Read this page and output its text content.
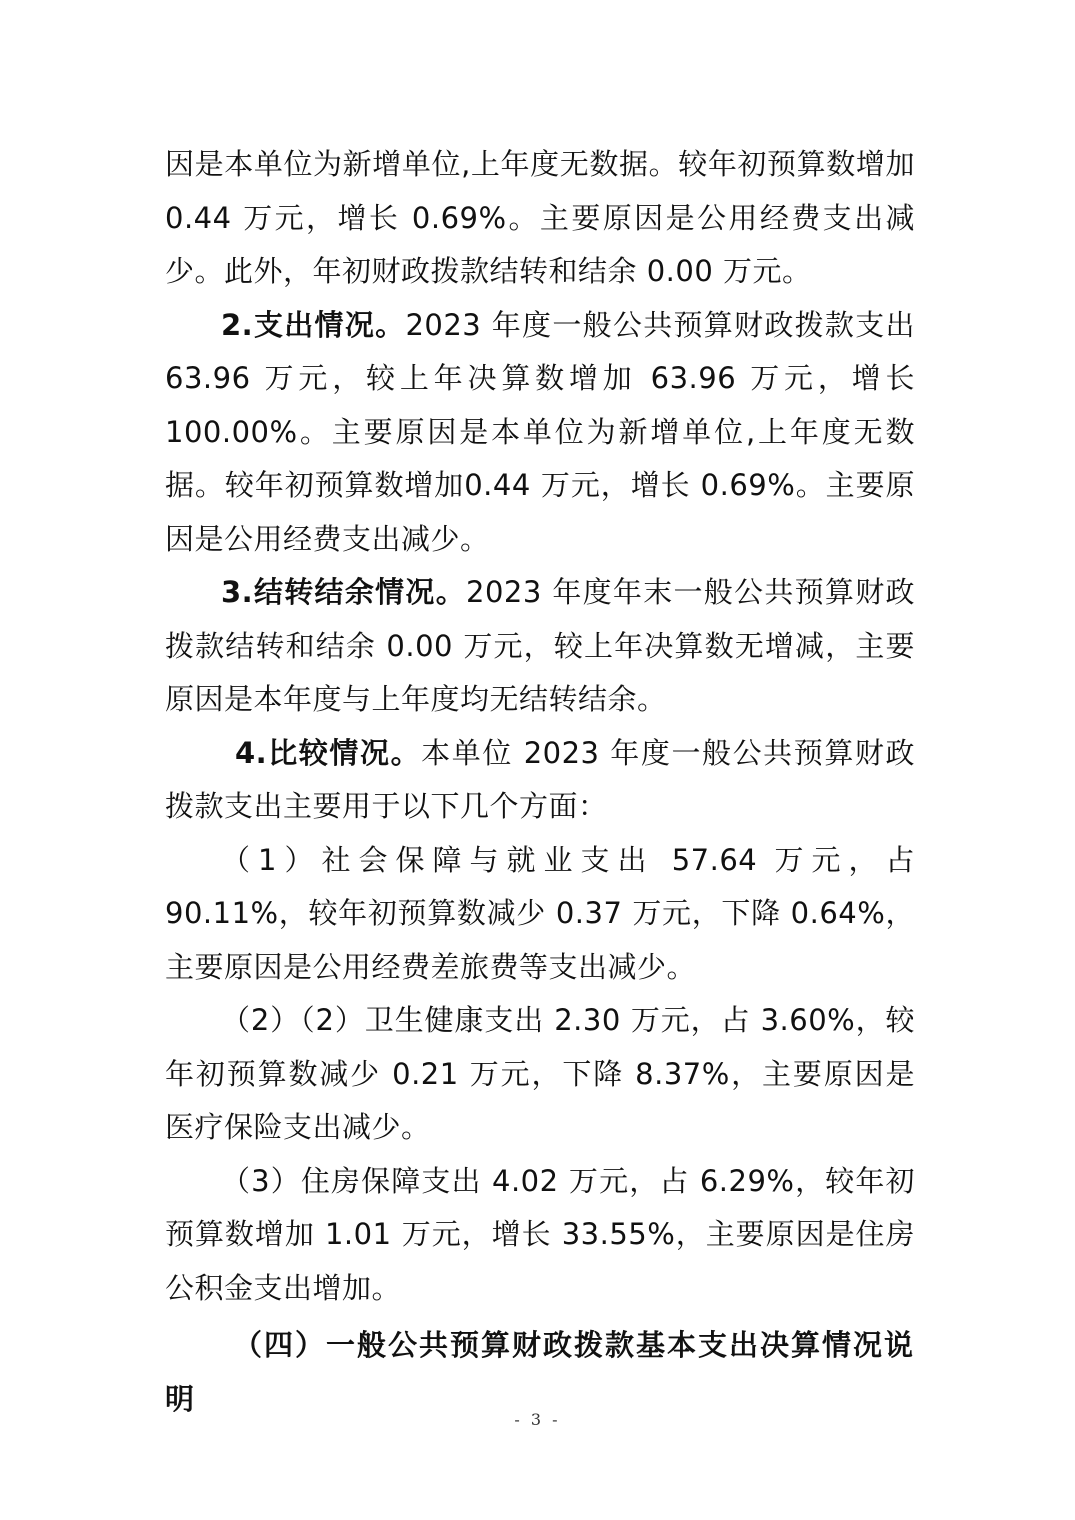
因是本单位为新增单位,上年度无数据。较年初预算数增加0.44 万元，增长 0.69%。主要原因是公用经费支出减少。此外，年初财政拨款结转和结余 0.00 万元。

2.支出情况。2023 年度一般公共预算财政拨款支出 63.96 万元，较上年决算数增加 63.96 万元，增长 100.00%。主要原因是本单位为新增单位,上年度无数据。较年初预算数增加0.44 万元，增长 0.69%。主要原因是公用经费支出减少。

3.结转结余情况。2023 年度年末一般公共预算财政拨款结转和结余 0.00 万元，较上年决算数无增减，主要原因是本年度与上年度均无结转结余。

4.比较情况。本单位 2023 年度一般公共预算财政拨款支出主要用于以下几个方面：

（1）社会保障与就业支出 57.64 万元，占 90.11%，较年初预算数减少 0.37 万元，下降 0.64%，主要原因是公用经费差旅费等支出减少。

（2）（2）卫生健康支出 2.30 万元，占 3.60%，较年初预算数减少 0.21 万元，下降 8.37%，主要原因是医疗保险支出减少。

（3）住房保障支出 4.02 万元，占 6.29%，较年初预算数增加 1.01 万元，增长 33.55%，主要原因是住房公积金支出增加。

（四）一般公共预算财政拨款基本支出决算情况说明

- 3 -
